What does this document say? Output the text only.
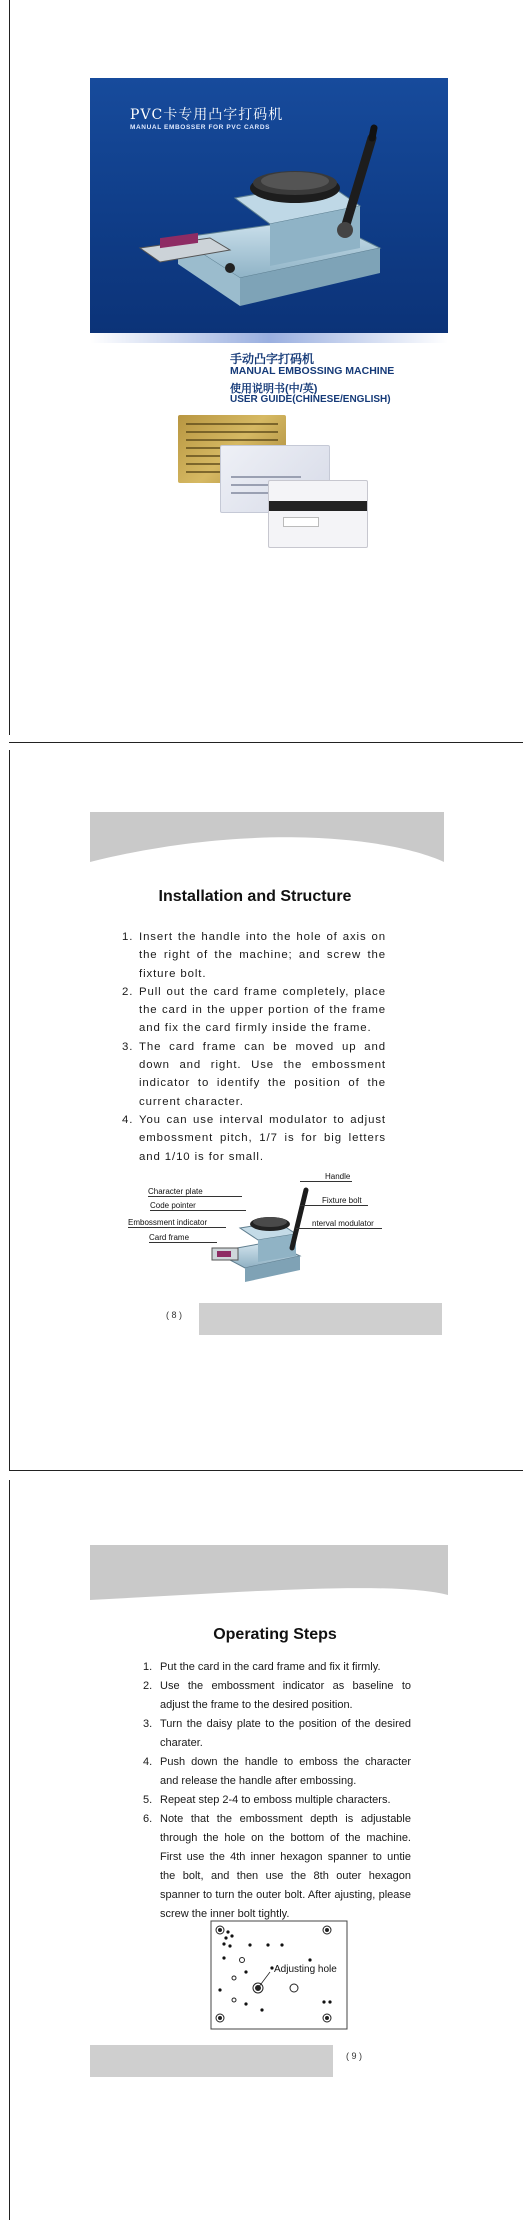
PVC卡专用凸字打码机
MANUAL EMBOSSER FOR PVC CARDS
手动凸字打码机
MANUAL EMBOSSING MACHINE
使用说明书(中/英)
USER GUIDE(CHINESE/ENGLISH)
Installation and Structure
1. Insert the handle into the hole of axis on the right of the machine; and screw the fixture bolt.
2. Pull out the card frame completely, place the card in the upper portion of the frame and fix the card firmly inside the frame.
3. The card frame can be moved up and down and right. Use the embossment indicator to identify the position of the current character.
4. You can use interval modulator to adjust embossment pitch, 1/7 is for big letters and 1/10 is for small.
Character plate
Code pointer
Embossment indicator
Card frame
Handle
Fixture bolt
nterval modulator
( 8 )
Operating Steps
1. Put the card in the card frame and fix it firmly.
2. Use the embossment indicator as baseline to adjust the frame to the desired position.
3. Turn the daisy plate to the position of the desired charater.
4. Push down the handle to emboss the character and release the handle after embossing.
5. Repeat step 2-4 to emboss multiple characters.
6. Note that the embossment depth is adjustable through the hole on the bottom of the machine. First use the 4th inner hexagon spanner to untie the bolt, and then use the 8th outer hexagon spanner to turn the outer bolt. After ajusting, please screw the inner bolt tightly.
Adjusting hole
( 9 )
